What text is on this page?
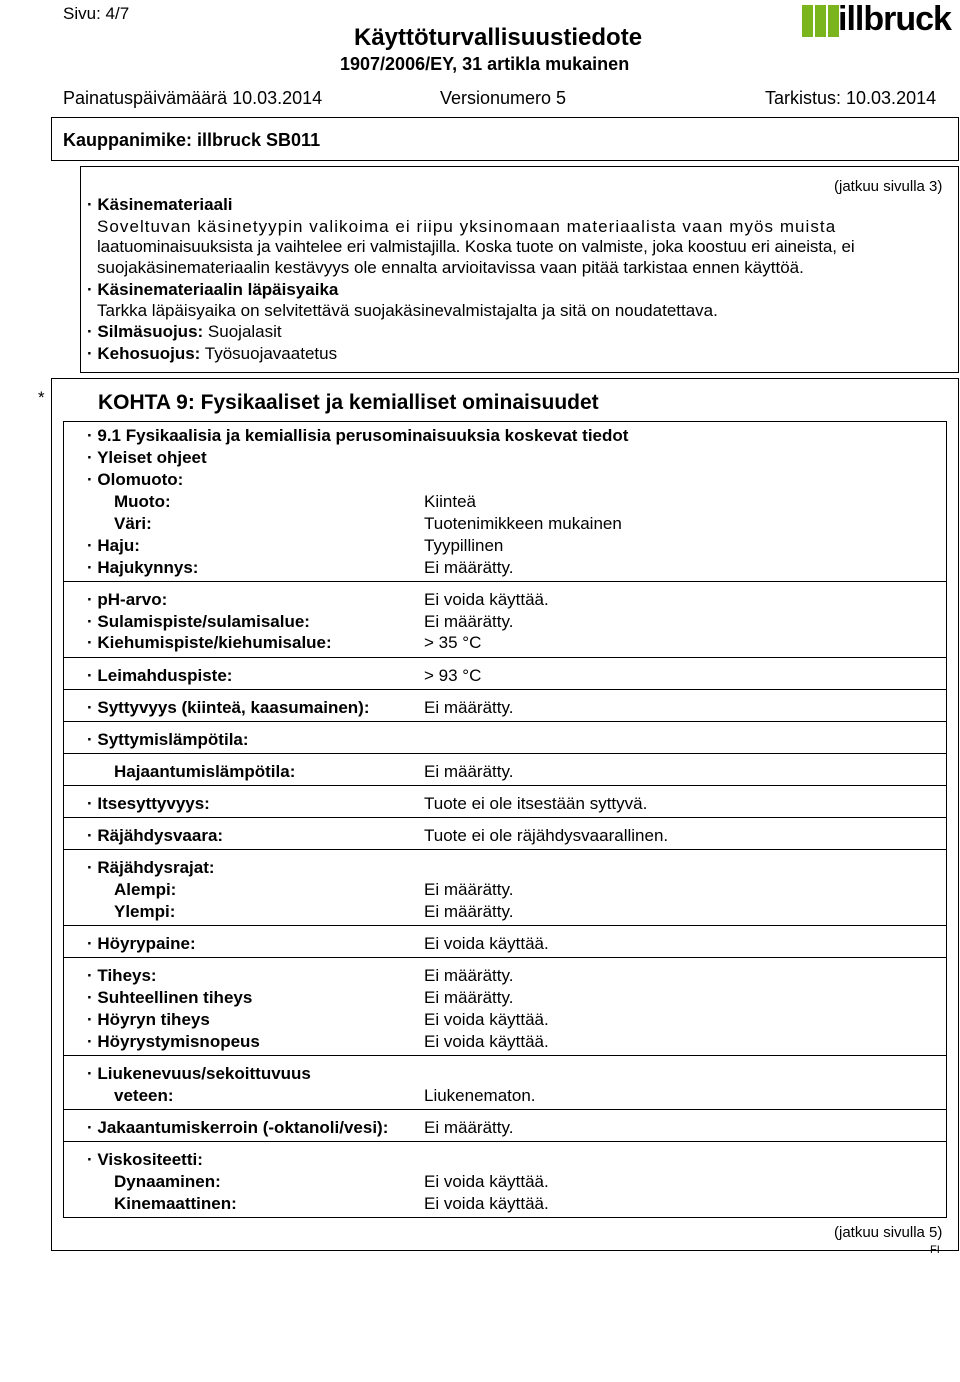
Sivu: 4/7
Käyttöturvallisuustiedote
1907/2006/EY, 31 artikla mukainen
illbruck
Painatuspäivämäärä 10.03.2014	Versionumero 5	Tarkistus: 10.03.2014
Kauppanimike: illbruck SB011
(jatkuu sivulla 3)
· Käsinemateriaali
Soveltuvan käsinetyypin valikoima ei riipu yksinomaan materiaalista vaan myös muista
laatuominaisuuksista ja vaihtelee eri valmistajilla. Koska tuote on valmiste, joka koostuu eri aineista, ei
suojakäsinemateriaalin kestävyys ole ennalta arvioitavissa vaan pitää tarkistaa ennen käyttöä.
· Käsinemateriaalin läpäisyaika
Tarkka läpäisyaika on selvitettävä suojakäsinevalmistajalta ja sitä on noudatettava.
· Silmäsuojus: Suojalasit
· Kehosuojus: Työsuojavaatetus
*	KOHTA 9: Fysikaaliset ja kemialliset ominaisuudet
· 9.1 Fysikaalisia ja kemiallisia perusominaisuuksia koskevat tiedot
· Yleiset ohjeet
· Olomuoto:
Muoto:	Kiinteä
Väri:	Tuotenimikkeen mukainen
· Haju:	Tyypillinen
· Hajukynnys:	Ei määrätty.
· pH-arvo:	Ei voida käyttää.
· Sulamispiste/sulamisalue:	Ei määrätty.
· Kiehumispiste/kiehumisalue:	> 35 °C
· Leimahduspiste:	> 93 °C
· Syttyvyys (kiinteä, kaasumainen):	Ei määrätty.
· Syttymislämpötila:
Hajaantumislämpötila:	Ei määrätty.
· Itsesyttyvyys:	Tuote ei ole itsestään syttyvä.
· Räjähdysvaara:	Tuote ei ole räjähdysvaarallinen.
· Räjähdysrajat:
Alempi:	Ei määrätty.
Ylempi:	Ei määrätty.
· Höyrypaine:	Ei voida käyttää.
· Tiheys:	Ei määrätty.
· Suhteellinen tiheys	Ei määrätty.
· Höyryn tiheys	Ei voida käyttää.
· Höyrystymisnopeus	Ei voida käyttää.
· Liukenevuus/sekoittuvuus
veteen:	Liukenematon.
· Jakaantumiskerroin (-oktanoli/vesi): Ei määrätty.
· Viskositeetti:
Dynaaminen:	Ei voida käyttää.
Kinemaattinen:	Ei voida käyttää.
(jatkuu sivulla 5)
FI
